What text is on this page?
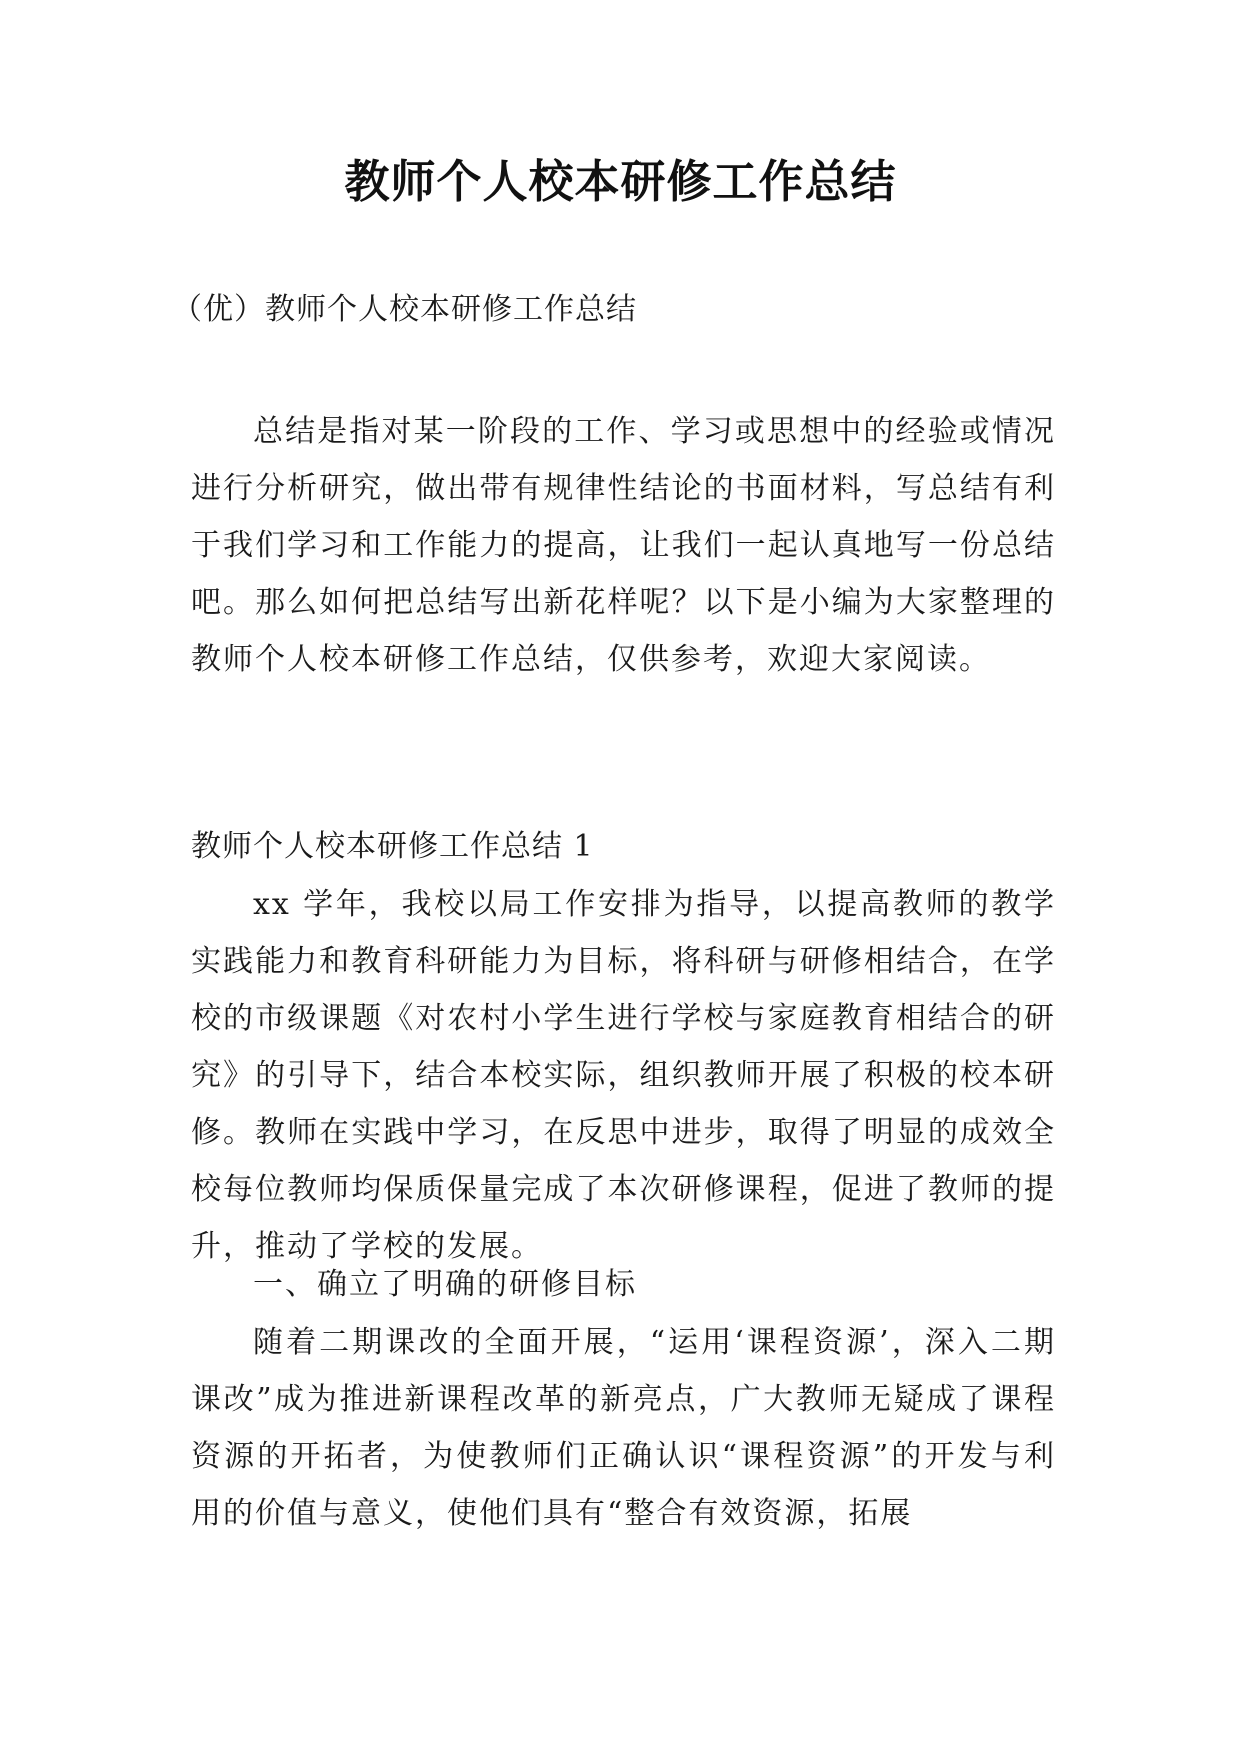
教师个人校本研修工作总结
（优）教师个人校本研修工作总结
总结是指对某一阶段的工作、学习或思想中的经验或情况进行分析研究，做出带有规律性结论的书面材料，写总结有利于我们学习和工作能力的提高，让我们一起认真地写一份总结吧。那么如何把总结写出新花样呢？以下是小编为大家整理的教师个人校本研修工作总结，仅供参考，欢迎大家阅读。
教师个人校本研修工作总结 1
xx 学年，我校以局工作安排为指导，以提高教师的教学实践能力和教育科研能力为目标，将科研与研修相结合，在学校的市级课题《对农村小学生进行学校与家庭教育相结合的研究》的引导下，结合本校实际，组织教师开展了积极的校本研修。教师在实践中学习，在反思中进步，取得了明显的成效全校每位教师均保质保量完成了本次研修课程，促进了教师的提升，推动了学校的发展。
一、确立了明确的研修目标
随着二期课改的全面开展，“运用‘课程资源’，深入二期课改”成为推进新课程改革的新亮点，广大教师无疑成了课程资源的开拓者，为使教师们正确认识“课程资源”的开发与利用的价值与意义，使他们具有“整合有效资源，拓展
